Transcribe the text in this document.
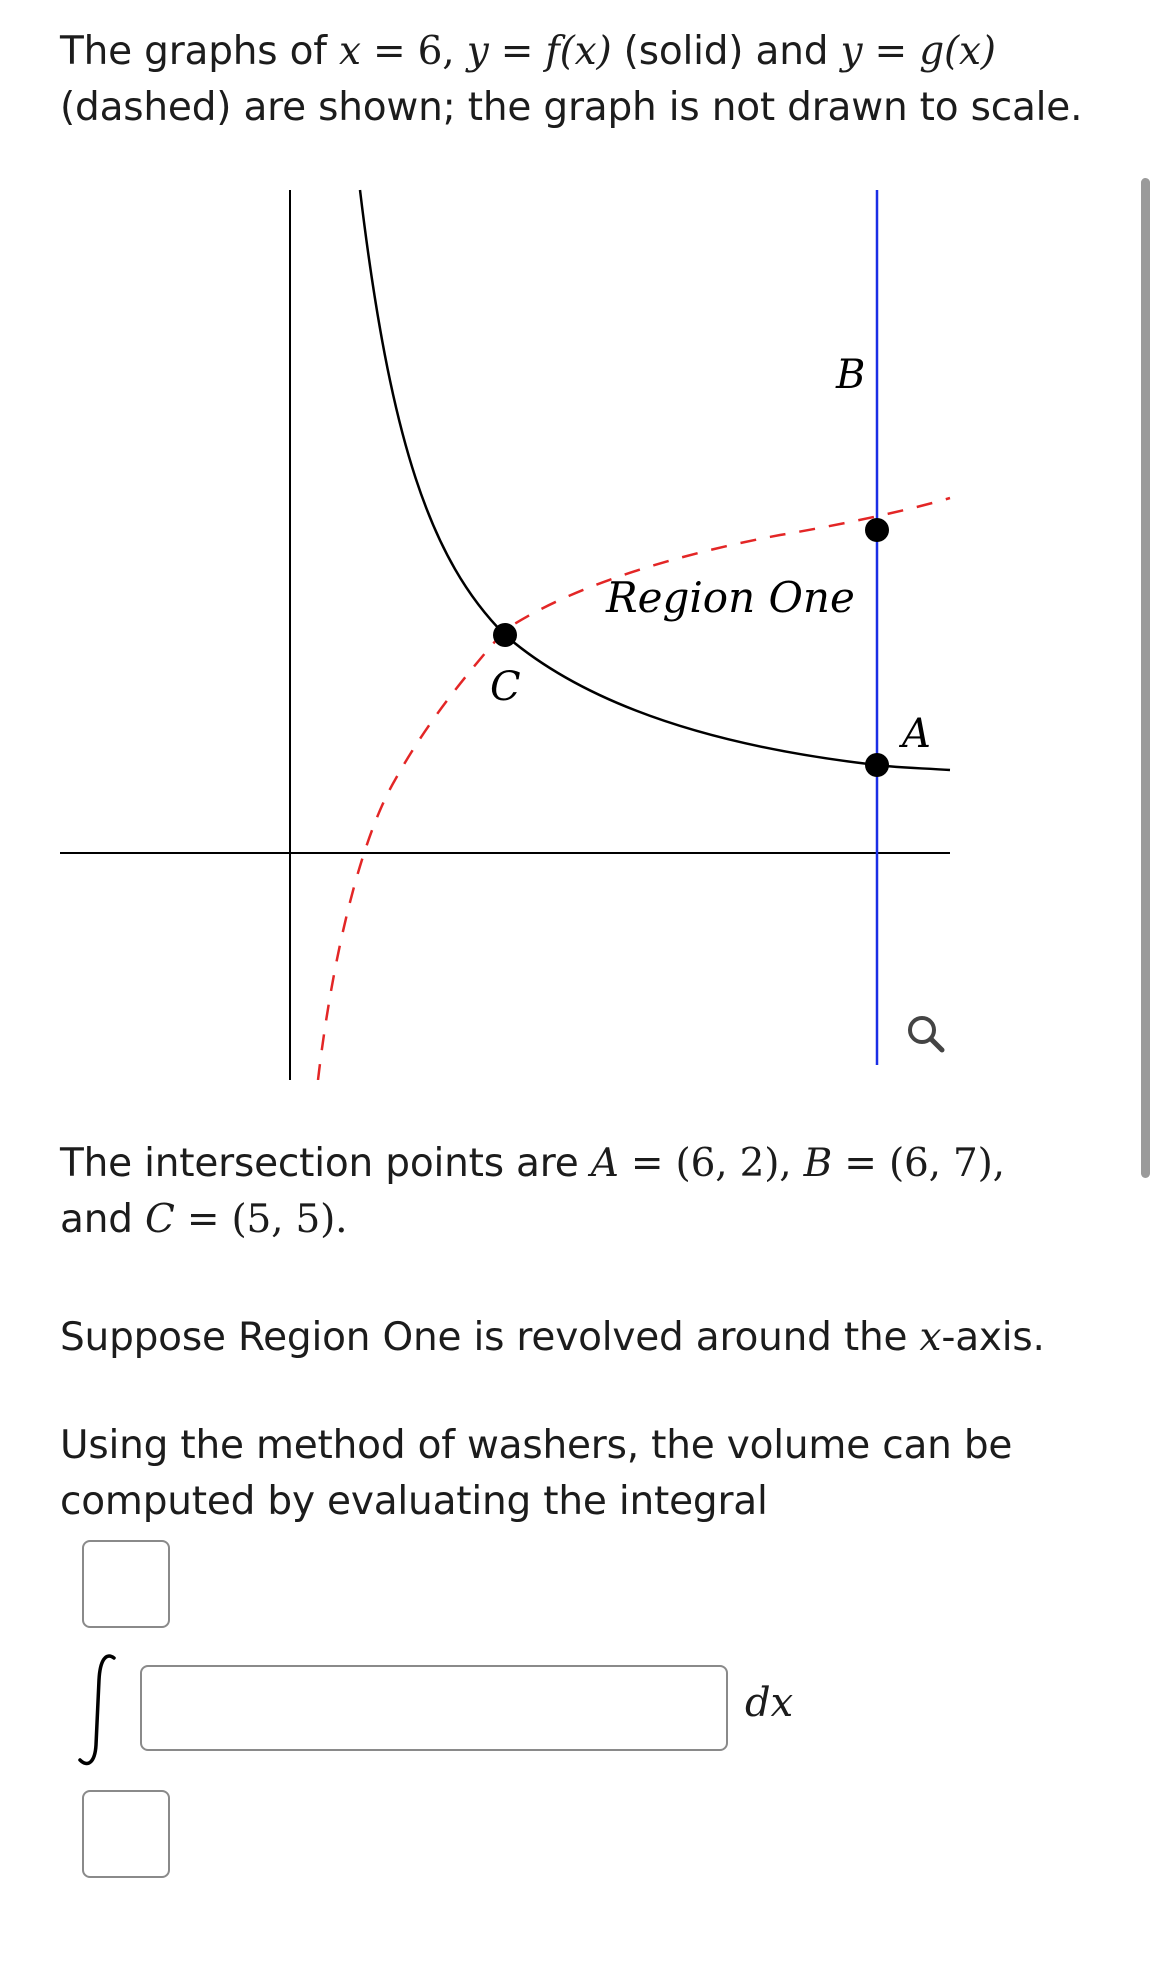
The graphs of x = 6, y = f(x) (solid) and y = g(x)

(dashed) are shown; the graph is not drawn to scale.

B
C
A
Region One

The intersection points are A = (6, 2), B = (6, 7),

and C = (5, 5).

Suppose Region One is revolved around the x-axis.

Using the method of washers, the volume can be

computed by evaluating the integral

dx
